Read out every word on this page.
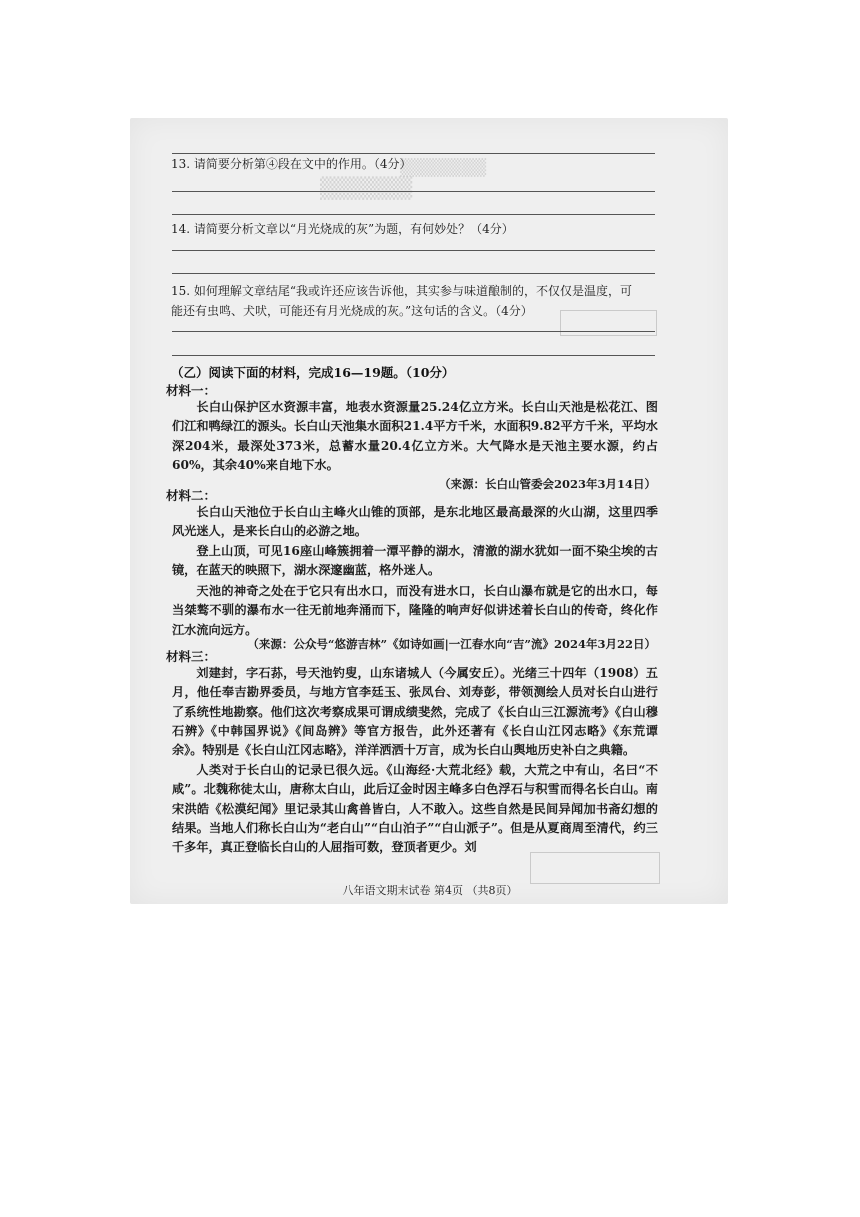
▒▒▒▒▒▒▒
▒▒▒▒▒▒
13. 请简要分析第④段在文中的作用。（4分）
14. 请简要分析文章以“月光烧成的灰”为题，有何妙处？（4分）
15. 如何理解文章结尾“我或许还应该告诉他，其实参与味道酿制的，不仅仅是温度，可
能还有虫鸣、犬吠，可能还有月光烧成的灰。”这句话的含义。（4分）
（乙）阅读下面的材料，完成16—19题。（10分）
材料一：

长白山保护区水资源丰富，地表水资源量25.24亿立方米。长白山天池是松花江、图们江和鸭绿江的源头。长白山天池集水面积21.4平方千米，水面积9.82平方千米，平均水深204米，最深处373米，总蓄水量20.4亿立方米。大气降水是天池主要水源，约占60%，其余40%来自地下水。

（来源：长白山管委会2023年3月14日）
材料二：

长白山天池位于长白山主峰火山锥的顶部，是东北地区最高最深的火山湖，这里四季风光迷人，是来长白山的必游之地。

登上山顶，可见16座山峰簇拥着一潭平静的湖水，清澈的湖水犹如一面不染尘埃的古镜，在蓝天的映照下，湖水深邃幽蓝，格外迷人。

天池的神奇之处在于它只有出水口，而没有进水口，长白山瀑布就是它的出水口，每当桀骜不驯的瀑布水一往无前地奔涌而下，隆隆的响声好似讲述着长白山的传奇，终化作江水流向远方。

（来源：公众号“悠游吉林”《如诗如画|一江春水向“吉”流》2024年3月22日）
材料三：

刘建封，字石荪，号天池钓叟，山东诸城人（今属安丘）。光绪三十四年（1908）五月，他任奉吉勘界委员，与地方官李廷玉、张凤台、刘寿彭，带领测绘人员对长白山进行了系统性地勘察。他们这次考察成果可谓成绩斐然，完成了《长白山三江源流考》《白山穆石辨》《中韩国界说》《间岛辨》等官方报告，此外还著有《长白山江冈志略》《东荒谭余》。特别是《长白山江冈志略》，洋洋洒洒十万言，成为长白山舆地历史补白之典籍。

人类对于长白山的记录已很久远。《山海经·大荒北经》载，大荒之中有山，名曰“不咸”。北魏称徒太山，唐称太白山，此后辽金时因主峰多白色浮石与积雪而得名长白山。南宋洪皓《松漠纪闻》里记录其山禽兽皆白，人不敢入。这些自然是民间异闻加书斋幻想的结果。当地人们称长白山为“老白山”“白山泊子”“白山派子”。但是从夏商周至清代，约三千多年，真正登临长白山的人屈指可数，登顶者更少。刘

八年语文期末试卷 第4页 （共8页）
